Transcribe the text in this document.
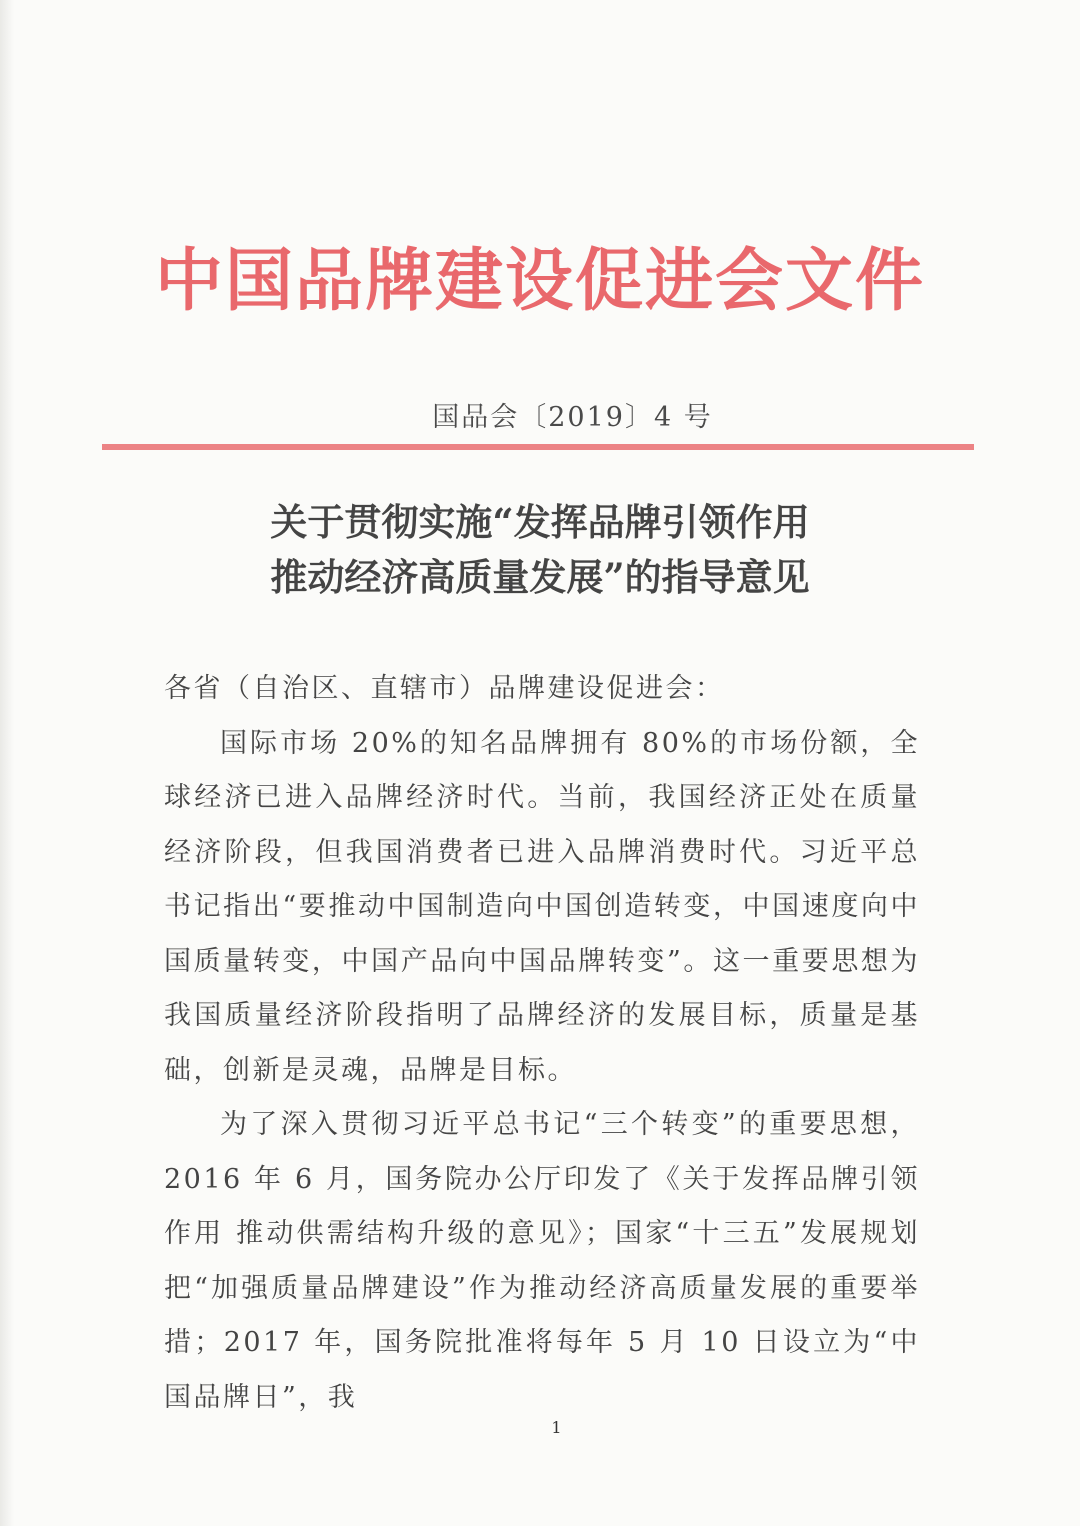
中国品牌建设促进会文件
国品会〔2019〕4 号
关于贯彻实施“发挥品牌引领作用
推动经济高质量发展”的指导意见
各省（自治区、直辖市）品牌建设促进会：

国际市场 20%的知名品牌拥有 80%的市场份额，全球经济已进入品牌经济时代。当前，我国经济正处在质量经济阶段，但我国消费者已进入品牌消费时代。习近平总书记指出“要推动中国制造向中国创造转变，中国速度向中国质量转变，中国产品向中国品牌转变”。这一重要思想为我国质量经济阶段指明了品牌经济的发展目标，质量是基础，创新是灵魂，品牌是目标。

为了深入贯彻习近平总书记“三个转变”的重要思想，2016 年 6 月，国务院办公厅印发了《关于发挥品牌引领作用 推动供需结构升级的意见》；国家“十三五”发展规划把“加强质量品牌建设”作为推动经济高质量发展的重要举措；2017 年，国务院批准将每年 5 月 10 日设立为“中国品牌日”，我

1
